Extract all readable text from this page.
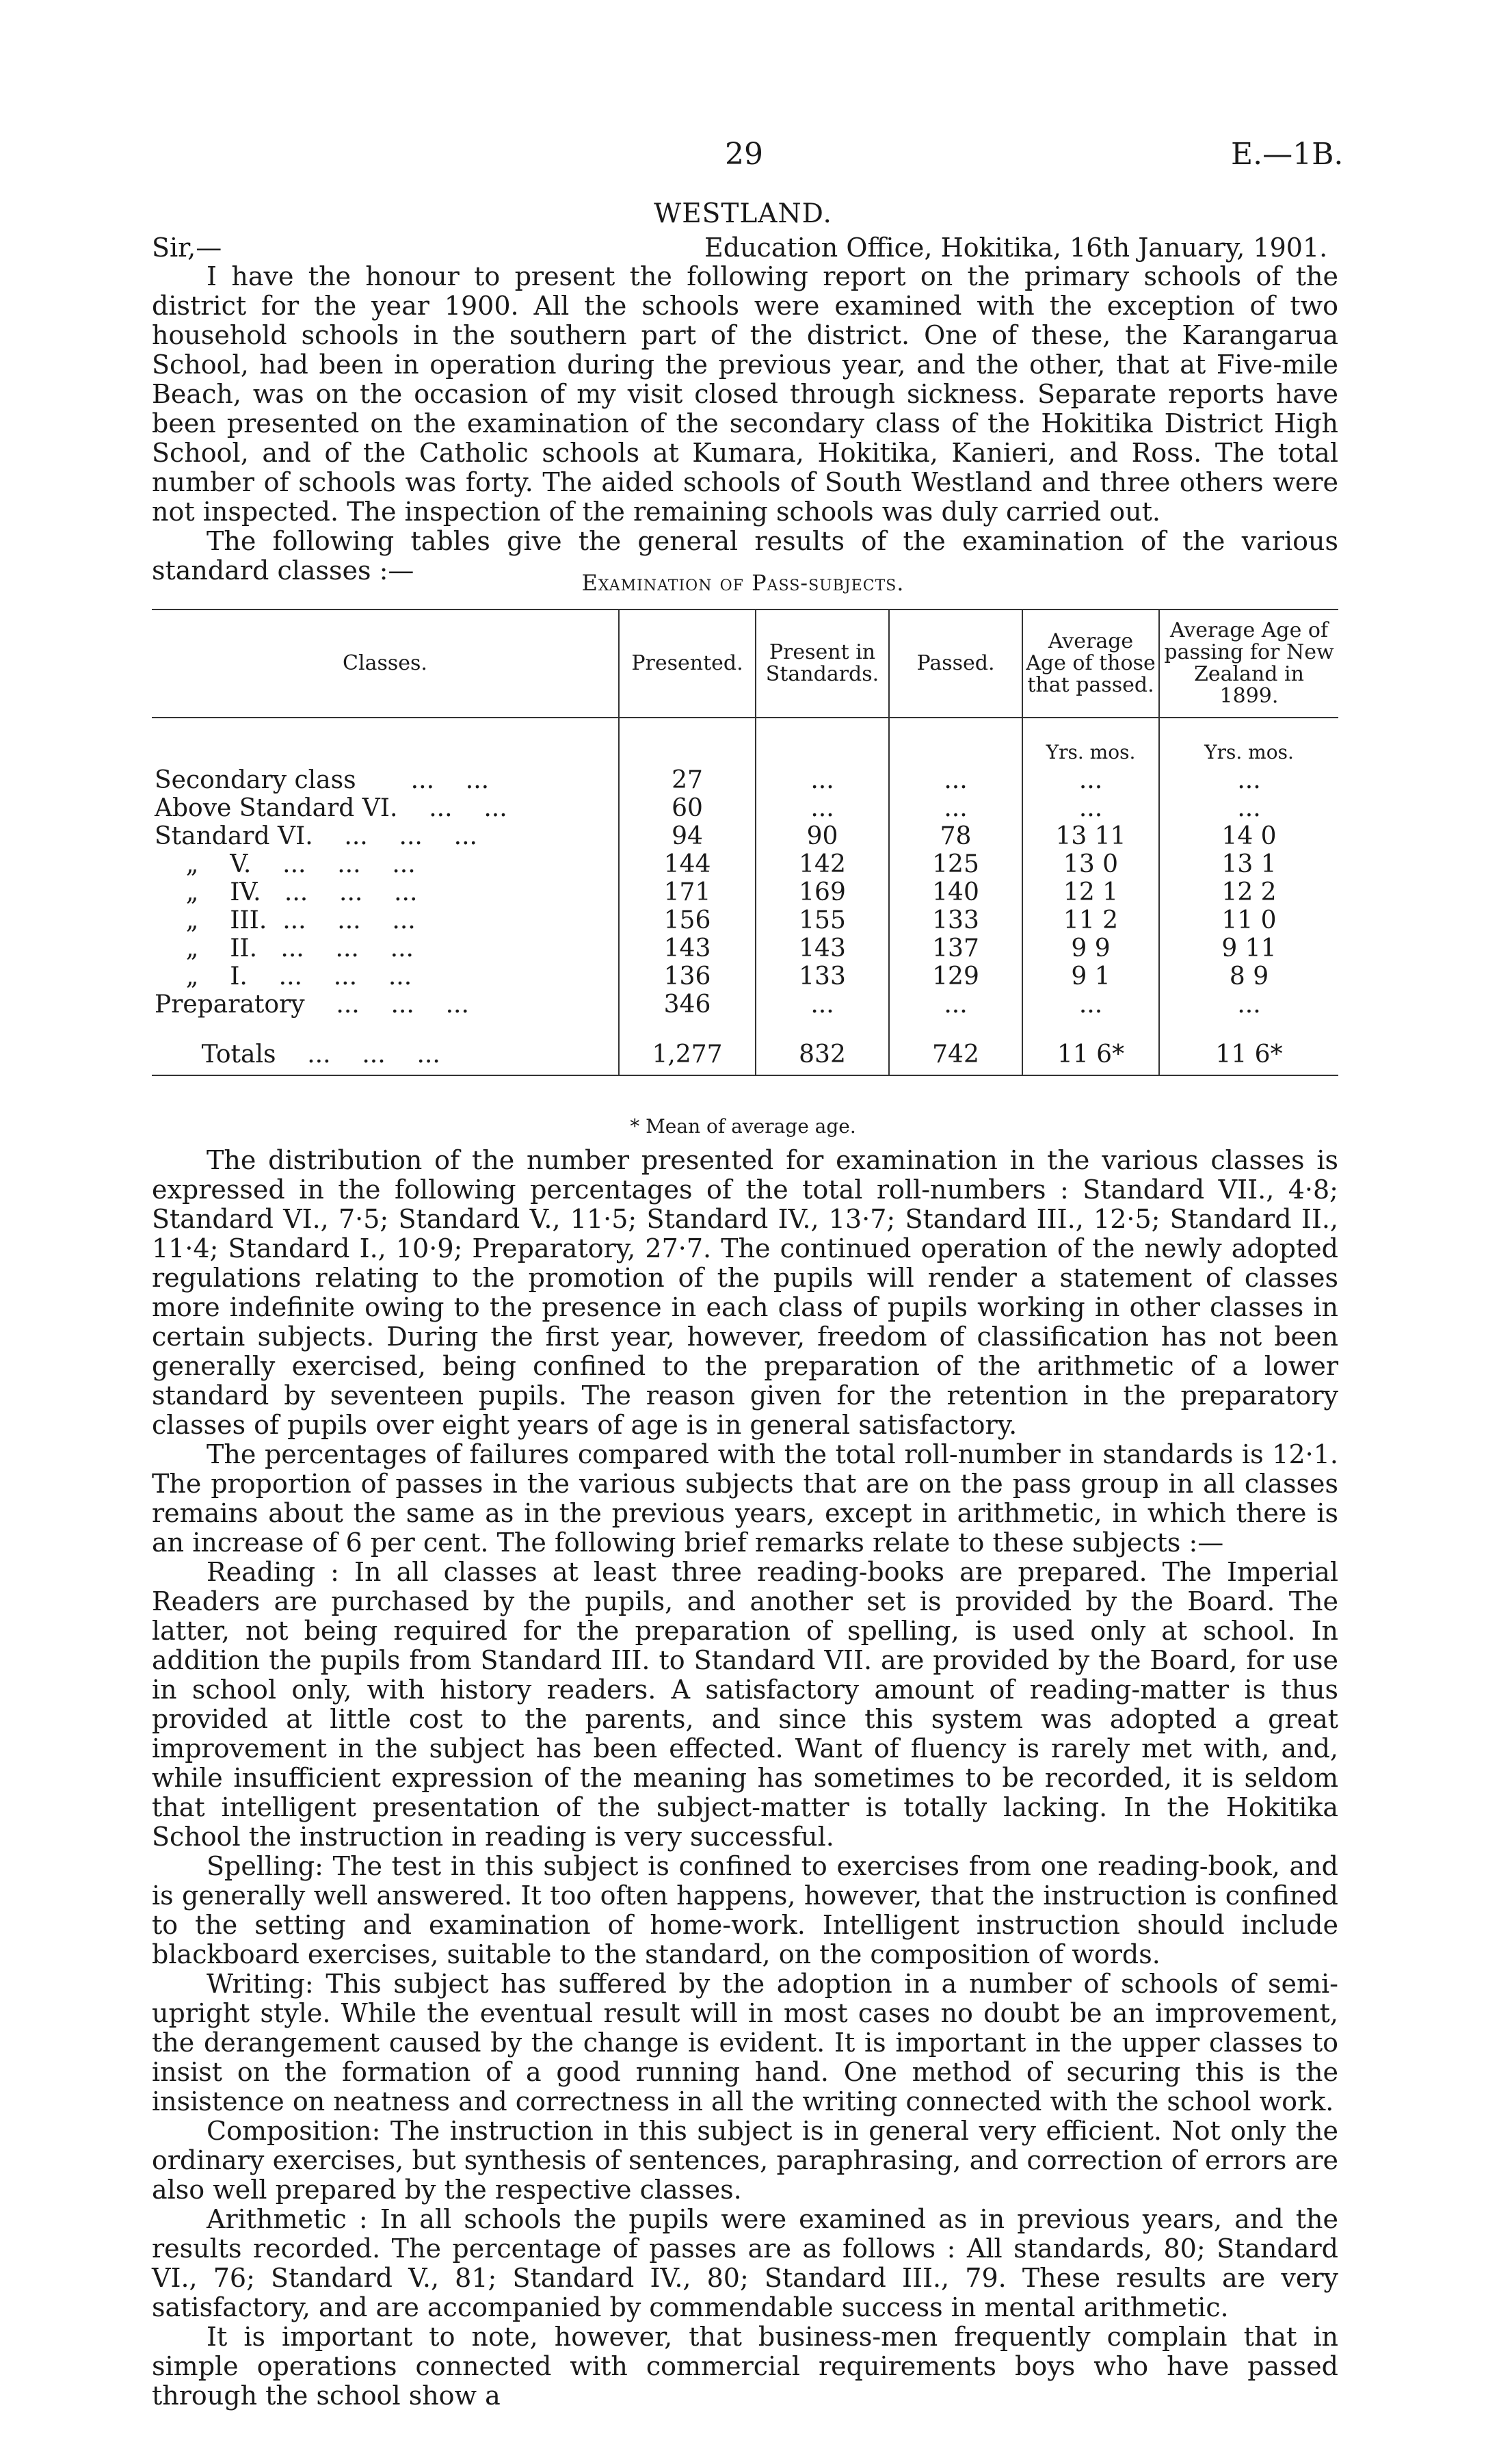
29	E.—1B.
WESTLAND.
Sir,—	Education Office, Hokitika, 16th January, 1901.

I have the honour to present the following report on the primary schools of the district for the year 1900. All the schools were examined with the exception of two household schools in the southern part of the district. One of these, the Karangarua School, had been in operation during the previous year, and the other, that at Five-mile Beach, was on the occasion of my visit closed through sickness. Separate reports have been presented on the examination of the secondary class of the Hokitika District High School, and of the Catholic schools at Kumara, Hokitika, Kanieri, and Ross. The total number of schools was forty. The aided schools of South Westland and three others were not inspected. The inspection of the remaining schools was duly carried out.

The following tables give the general results of the examination of the various standard classes :—	Examination of Pass-subjects.
Classes.	Presented.	Present in Standards.	Passed.	Average Age of those that passed.	Average Age of passing for New Zealand in 1899.
				Yrs. mos.	Yrs. mos.
Secondary class       ...    ...	27	...	...	...	...
Above Standard VI.    ...    ...	60	...	...	...	...
Standard VI.    ...    ...    ...	94	90	78	13 11	14 0
„    V.    ...    ...    ...	144	142	125	13 0	13 1
„    IV.   ...    ...    ...	171	169	140	12 1	12 2
„    III.  ...    ...    ...	156	155	133	11 2	11 0
„    II.   ...    ...    ...	143	143	137	9 9	9 11
„    I.    ...    ...    ...	136	133	129	9 1	8 9
Preparatory    ...    ...    ...	346	...	...	...	...

Totals    ...    ...    ...	1,277	832	742	11 6*	11 6*
* Mean of average age.

The distribution of the number presented for examination in the various classes is expressed in the following percentages of the total roll-numbers : Standard VII., 4·8; Standard VI., 7·5; Standard V., 11·5; Standard IV., 13·7; Standard III., 12·5; Standard II., 11·4; Standard I., 10·9; Preparatory, 27·7. The continued operation of the newly adopted regulations relating to the promotion of the pupils will render a statement of classes more indefinite owing to the presence in each class of pupils working in other classes in certain subjects. During the first year, however, freedom of classification has not been generally exercised, being confined to the preparation of the arithmetic of a lower standard by seventeen pupils. The reason given for the retention in the preparatory classes of pupils over eight years of age is in general satisfactory.

The percentages of failures compared with the total roll-number in standards is 12·1. The proportion of passes in the various subjects that are on the pass group in all classes remains about the same as in the previous years, except in arithmetic, in which there is an increase of 6 per cent. The following brief remarks relate to these subjects :—

Reading : In all classes at least three reading-books are prepared. The Imperial Readers are purchased by the pupils, and another set is provided by the Board. The latter, not being required for the preparation of spelling, is used only at school. In addition the pupils from Standard III. to Standard VII. are provided by the Board, for use in school only, with history readers. A satisfactory amount of reading-matter is thus provided at little cost to the parents, and since this system was adopted a great improvement in the subject has been effected. Want of fluency is rarely met with, and, while insufficient expression of the meaning has sometimes to be recorded, it is seldom that intelligent presentation of the subject-matter is totally lacking. In the Hokitika School the instruction in reading is very successful.

Spelling: The test in this subject is confined to exercises from one reading-book, and is generally well answered. It too often happens, however, that the instruction is confined to the setting and examination of home-work. Intelligent instruction should include blackboard exercises, suitable to the standard, on the composition of words.

Writing: This subject has suffered by the adoption in a number of schools of semi-upright style. While the eventual result will in most cases no doubt be an improvement, the derangement caused by the change is evident. It is important in the upper classes to insist on the formation of a good running hand. One method of securing this is the insistence on neatness and correctness in all the writing connected with the school work.

Composition: The instruction in this subject is in general very efficient. Not only the ordinary exercises, but synthesis of sentences, paraphrasing, and correction of errors are also well prepared by the respective classes.

Arithmetic : In all schools the pupils were examined as in previous years, and the results recorded. The percentage of passes are as follows : All standards, 80; Standard VI., 76; Standard V., 81; Standard IV., 80; Standard III., 79. These results are very satisfactory, and are accompanied by commendable success in mental arithmetic.

It is important to note, however, that business-men frequently complain that in simple operations connected with commercial requirements boys who have passed through the school show a
